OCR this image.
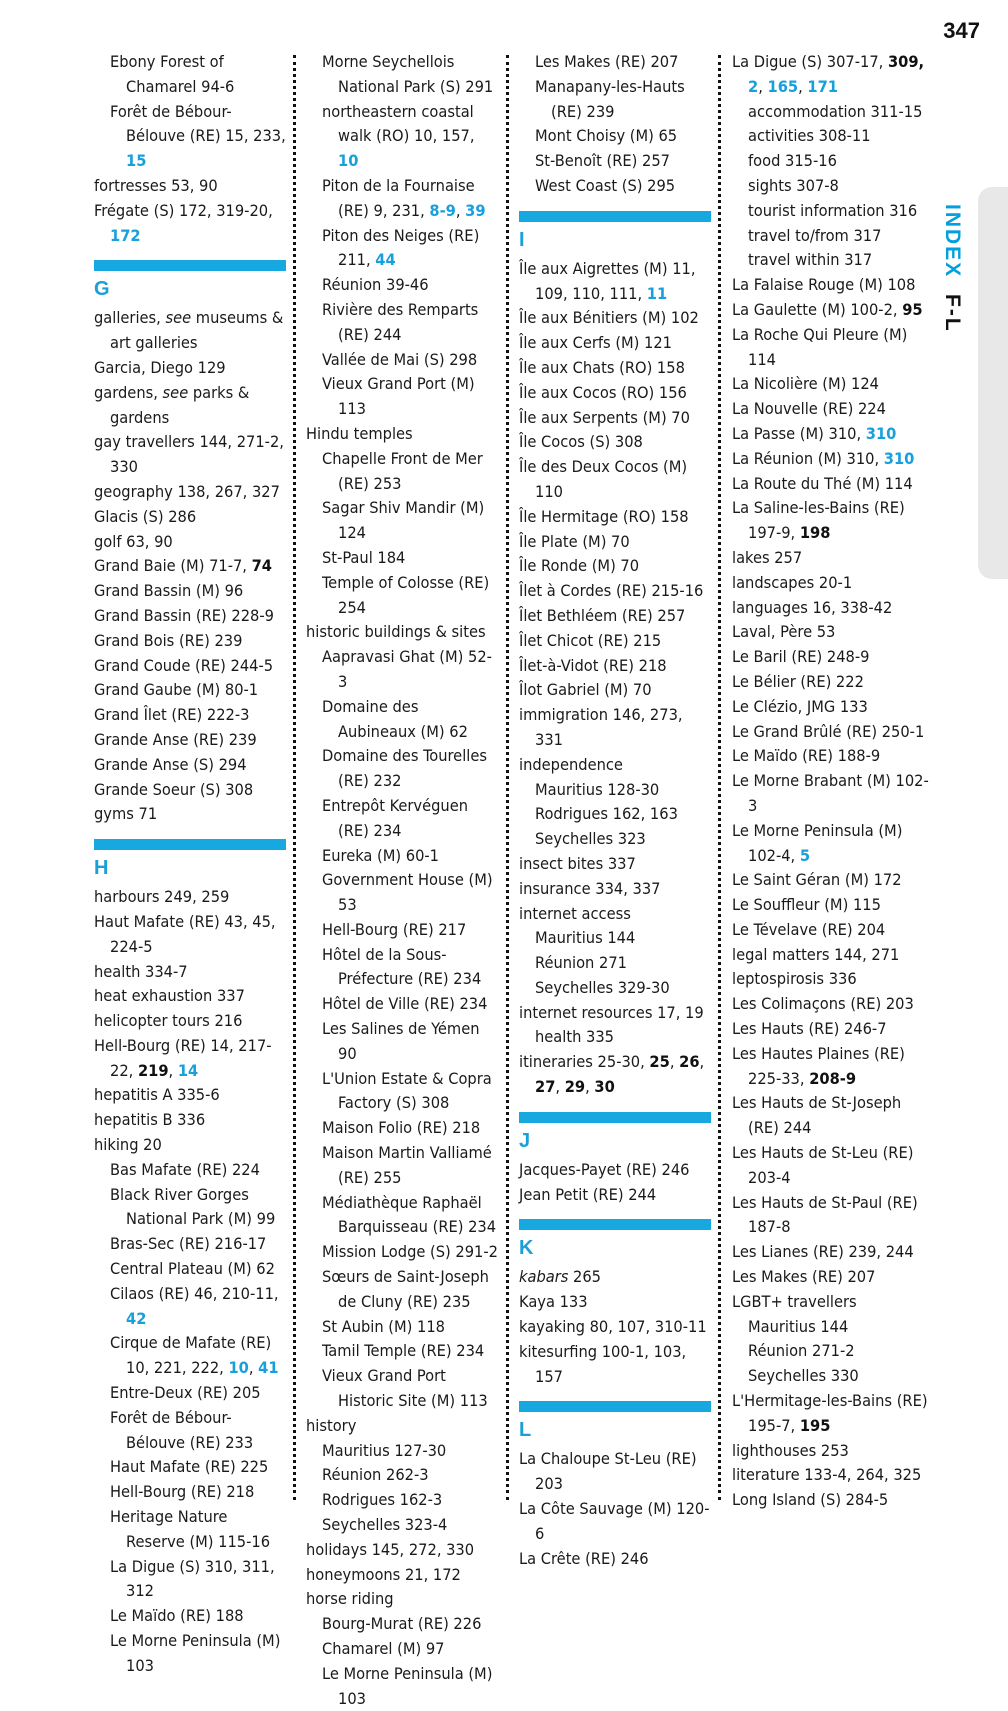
347
INDEX F-L
Ebony Forest of Chamarel 94-6
Forêt de Bébour-Bélouve (RE) 15, 233, 15
fortresses 53, 90
Frégate (S) 172, 319-20, 172
G
galleries, see museums & art galleries
Garcia, Diego 129
gardens, see parks & gardens
gay travellers 144, 271-2, 330
geography 138, 267, 327
Glacis (S) 286
golf 63, 90
Grand Baie (M) 71-7, 74
Grand Bassin (M) 96
Grand Bassin (RE) 228-9
Grand Bois (RE) 239
Grand Coude (RE) 244-5
Grand Gaube (M) 80-1
Grand Îlet (RE) 222-3
Grande Anse (RE) 239
Grande Anse (S) 294
Grande Soeur (S) 308
gyms 71
H
harbours 249, 259
Haut Mafate (RE) 43, 45, 224-5
health 334-7
heat exhaustion 337
helicopter tours 216
Hell-Bourg (RE) 14, 217-22, 219, 14
hepatitis A 335-6
hepatitis B 336
hiking 20
Bas Mafate (RE) 224
Black River Gorges National Park (M) 99
Bras-Sec (RE) 216-17
Central Plateau (M) 62
Cilaos (RE) 46, 210-11, 42
Cirque de Mafate (RE) 10, 221, 222, 10, 41
Entre-Deux (RE) 205
Forêt de Bébour-Bélouve (RE) 233
Haut Mafate (RE) 225
Hell-Bourg (RE) 218
Heritage Nature Reserve (M) 115-16
La Digue (S) 310, 311, 312
Le Maïdo (RE) 188
Le Morne Peninsula (M) 103
Morne Seychellois National Park (S) 291
northeastern coastal walk (RO) 10, 157, 10
Piton de la Fournaise (RE) 9, 231, 8-9, 39
Piton des Neiges (RE) 211, 44
Réunion 39-46
Rivière des Remparts (RE) 244
Vallée de Mai (S) 298
Vieux Grand Port (M) 113
Hindu temples
Chapelle Front de Mer (RE) 253
Sagar Shiv Mandir (M) 124
St-Paul 184
Temple of Colosse (RE) 254
historic buildings & sites
Aapravasi Ghat (M) 52-3
Domaine des Aubineaux (M) 62
Domaine des Tourelles (RE) 232
Entrepôt Kervéguen (RE) 234
Eureka (M) 60-1
Government House (M) 53
Hell-Bourg (RE) 217
Hôtel de la Sous-Préfecture (RE) 234
Hôtel de Ville (RE) 234
Les Salines de Yémen 90
L'Union Estate & Copra Factory (S) 308
Maison Folio (RE) 218
Maison Martin Valliamé (RE) 255
Médiathèque Raphaël Barquisseau (RE) 234
Mission Lodge (S) 291-2
Sœurs de Saint-Joseph de Cluny (RE) 235
St Aubin (M) 118
Tamil Temple (RE) 234
Vieux Grand Port Historic Site (M) 113
history
Mauritius 127-30
Réunion 262-3
Rodrigues 162-3
Seychelles 323-4
holidays 145, 272, 330
honeymoons 21, 172
horse riding
Bourg-Murat (RE) 226
Chamarel (M) 97
Le Morne Peninsula (M) 103
Les Makes (RE) 207
Manapany-les-Hauts (RE) 239
Mont Choisy (M) 65
St-Benoît (RE) 257
West Coast (S) 295
I
Île aux Aigrettes (M) 11, 109, 110, 111, 11
Île aux Bénitiers (M) 102
Île aux Cerfs (M) 121
Île aux Chats (RO) 158
Île aux Cocos (RO) 156
Île aux Serpents (M) 70
Île Cocos (S) 308
Île des Deux Cocos (M) 110
Île Hermitage (RO) 158
Île Plate (M) 70
Île Ronde (M) 70
Îlet à Cordes (RE) 215-16
Îlet Bethléem (RE) 257
Îlet Chicot (RE) 215
Îlet-à-Vidot (RE) 218
Îlot Gabriel (M) 70
immigration 146, 273, 331
independence
Mauritius 128-30
Rodrigues 162, 163
Seychelles 323
insect bites 337
insurance 334, 337
internet access
Mauritius 144
Réunion 271
Seychelles 329-30
internet resources 17, 19
health 335
itineraries 25-30, 25, 26, 27, 29, 30
J
Jacques-Payet (RE) 246
Jean Petit (RE) 244
K
kabars 265
Kaya 133
kayaking 80, 107, 310-11
kitesurfing 100-1, 103, 157
L
La Chaloupe St-Leu (RE) 203
La Côte Sauvage (M) 120-6
La Crête (RE) 246
La Digue (S) 307-17, 309, 2, 165, 171
accommodation 311-15
activities 308-11
food 315-16
sights 307-8
tourist information 316
travel to/from 317
travel within 317
La Falaise Rouge (M) 108
La Gaulette (M) 100-2, 95
La Roche Qui Pleure (M) 114
La Nicolière (M) 124
La Nouvelle (RE) 224
La Passe (M) 310, 310
La Réunion (M) 310, 310
La Route du Thé (M) 114
La Saline-les-Bains (RE) 197-9, 198
lakes 257
landscapes 20-1
languages 16, 338-42
Laval, Père 53
Le Baril (RE) 248-9
Le Bélier (RE) 222
Le Clézio, JMG 133
Le Grand Brûlé (RE) 250-1
Le Maïdo (RE) 188-9
Le Morne Brabant (M) 102-3
Le Morne Peninsula (M) 102-4, 5
Le Saint Géran (M) 172
Le Souffleur (M) 115
Le Tévelave (RE) 204
legal matters 144, 271
leptospirosis 336
Les Colimaçons (RE) 203
Les Hauts (RE) 246-7
Les Hautes Plaines (RE) 225-33, 208-9
Les Hauts de St-Joseph (RE) 244
Les Hauts de St-Leu (RE) 203-4
Les Hauts de St-Paul (RE) 187-8
Les Lianes (RE) 239, 244
Les Makes (RE) 207
LGBT+ travellers
Mauritius 144
Réunion 271-2
Seychelles 330
L'Hermitage-les-Bains (RE) 195-7, 195
lighthouses 253
literature 133-4, 264, 325
Long Island (S) 284-5
